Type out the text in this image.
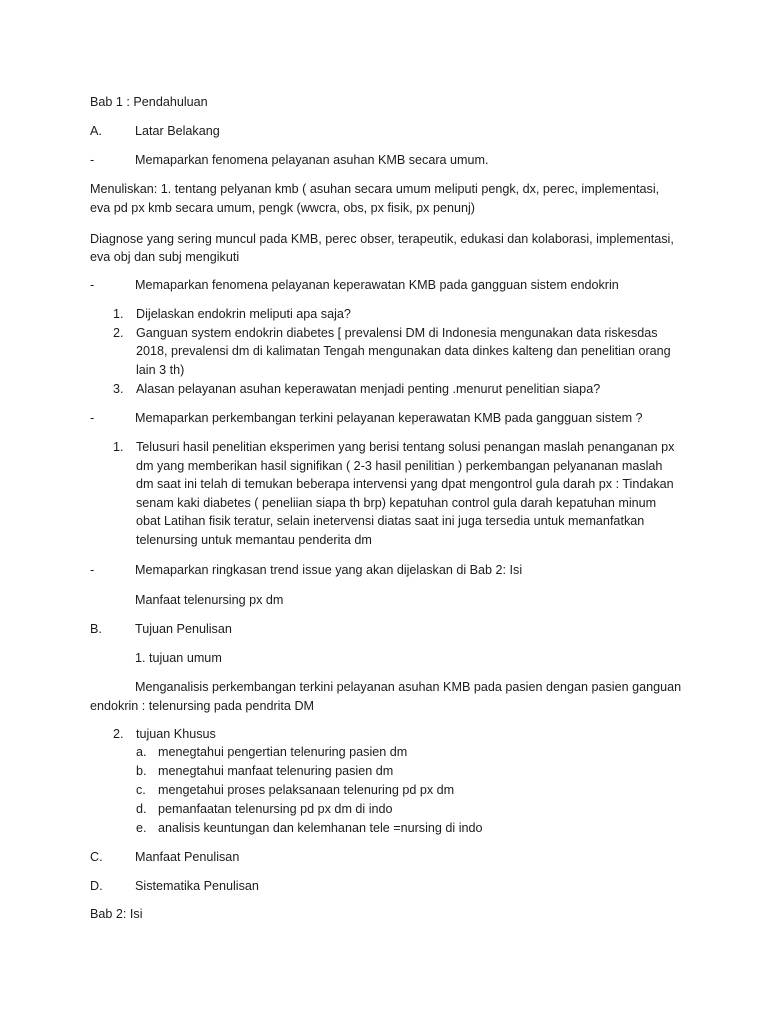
Bab 1 : Pendahuluan
A.	Latar Belakang
-	Memaparkan fenomena pelayanan asuhan KMB secara umum.
Menuliskan: 1. tentang pelyanan kmb ( asuhan secara umum meliputi pengk, dx, perec, implementasi,
eva pd px kmb secara umum, pengk (wwcra, obs, px fisik, px penunj)
Diagnose yang sering muncul pada KMB, perec obser, terapeutik, edukasi dan kolaborasi, implementasi,
eva obj dan subj mengikuti
-	Memaparkan fenomena pelayanan keperawatan KMB pada gangguan sistem endokrin
1. Dijelaskan endokrin meliputi apa saja?
2. Ganguan system endokrin diabetes [ prevalensi DM di Indonesia mengunakan data riskesdas
2018, prevalensi dm di kalimatan Tengah mengunakan data dinkes kalteng dan penelitian orang
lain 3 th)
3. Alasan pelayanan asuhan keperawatan menjadi penting .menurut penelitian siapa?
-	Memaparkan perkembangan terkini pelayanan keperawatan KMB pada gangguan sistem ?
1. Telusuri hasil penelitian eksperimen yang berisi tentang solusi penangan maslah penanganan px
dm yang memberikan hasil signifikan ( 2-3 hasil penilitian ) perkembangan pelyananan maslah
dm saat ini telah di temukan beberapa intervensi yang dpat mengontrol gula darah px : Tindakan
senam kaki diabetes ( peneliian siapa th brp) kepatuhan control gula darah kepatuhan minum
obat Latihan fisik teratur, selain inetervensi diatas saat ini juga tersedia untuk memanfatkan
telenursing untuk memantau penderita dm
-	Memaparkan ringkasan trend issue yang akan dijelaskan di Bab 2: Isi
Manfaat telenursing px dm
B.	Tujuan Penulisan
1. tujuan umum
Menganalisis perkembangan terkini pelayanan asuhan KMB pada pasien dengan pasien ganguan
endokrin : telenursing pada pendrita DM
2. tujuan Khusus
a. menegtahui pengertian telenuring pasien dm
b. menegtahui manfaat telenuring pasien dm
c. mengetahui proses pelaksanaan telenuring pd px dm
d. pemanfaatan telenursing pd px dm di indo
e. analisis keuntungan dan kelemhanan tele =nursing di indo
C.	Manfaat Penulisan
D.	Sistematika Penulisan
Bab 2: Isi
